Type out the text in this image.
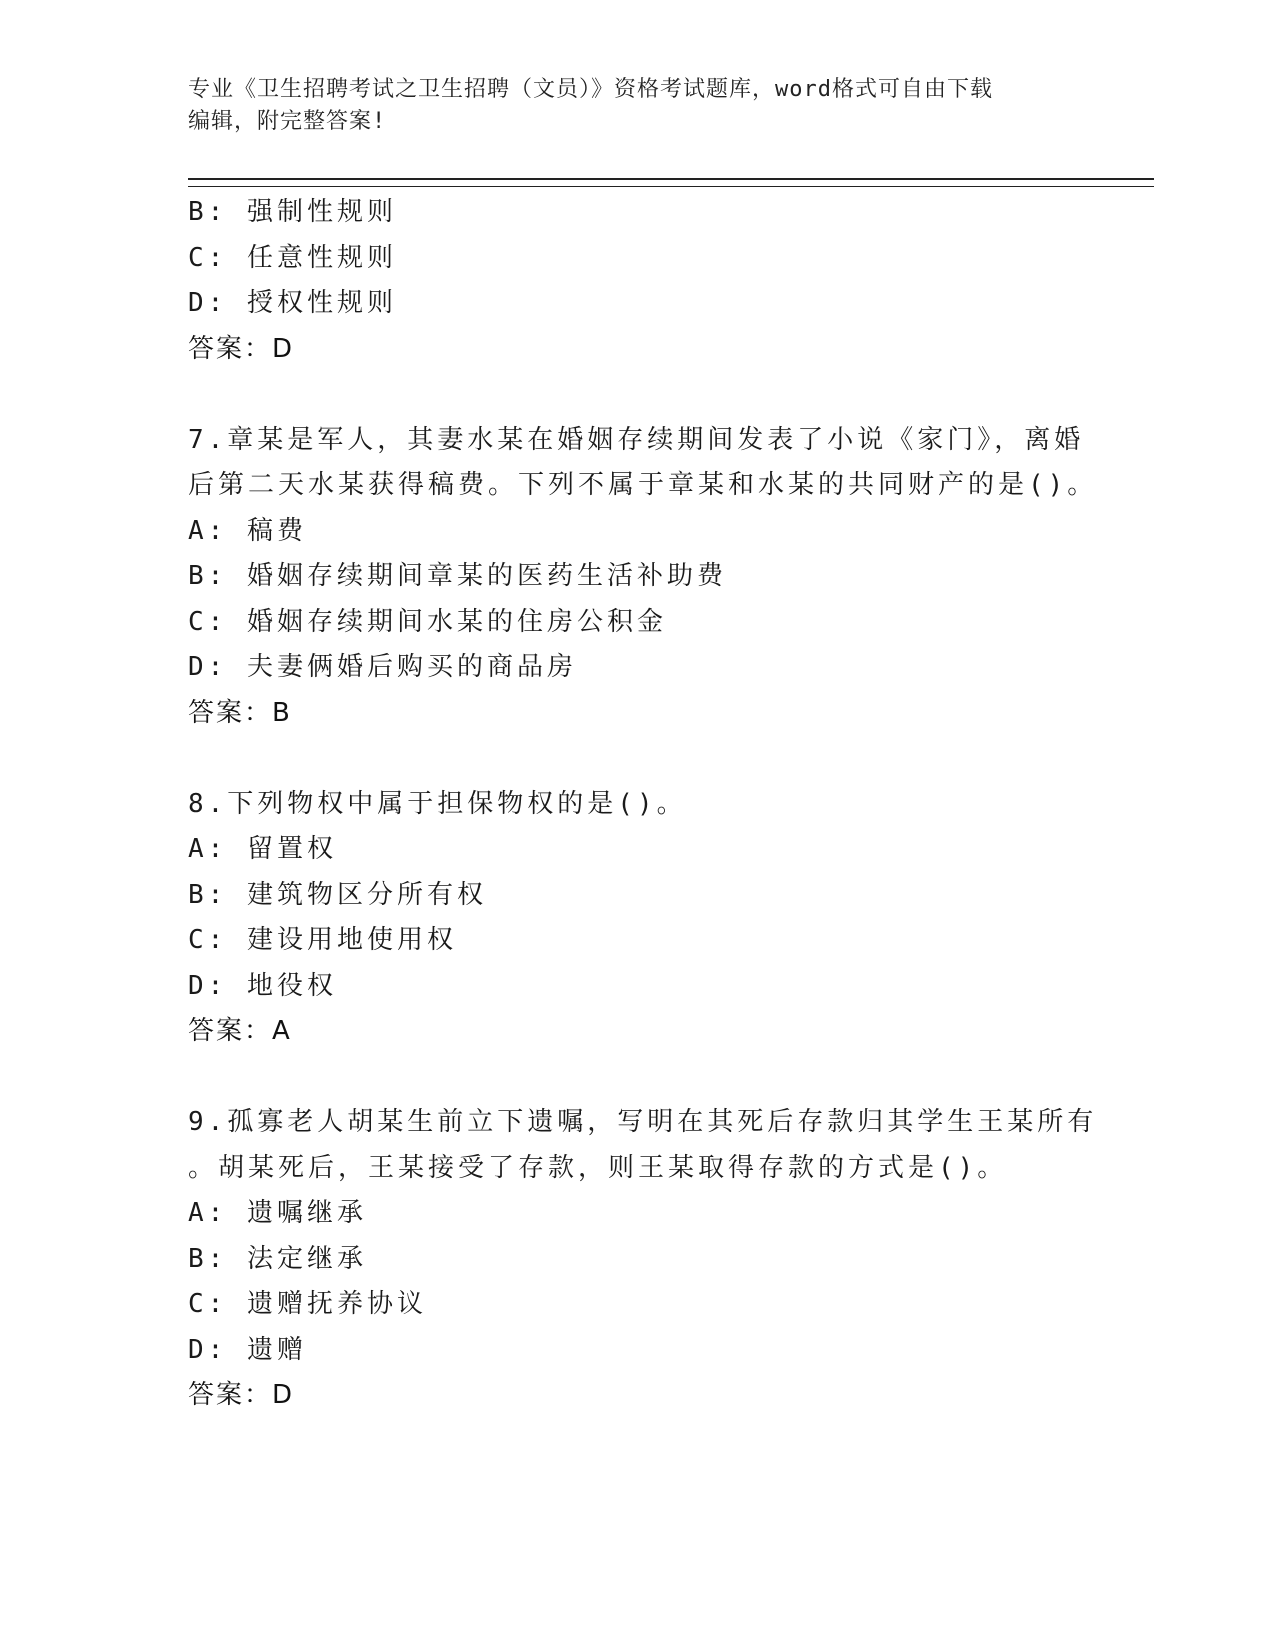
专业《卫生招聘考试之卫生招聘（文员）》资格考试题库，word格式可自由下载
编辑，附完整答案!
B: 强制性规则
C: 任意性规则
D: 授权性规则
答案：D
7.章某是军人，其妻水某在婚姻存续期间发表了小说《家门》，离婚
后第二天水某获得稿费。下列不属于章某和水某的共同财产的是()。
A: 稿费
B: 婚姻存续期间章某的医药生活补助费
C: 婚姻存续期间水某的住房公积金
D: 夫妻俩婚后购买的商品房
答案：B
8.下列物权中属于担保物权的是()。
A: 留置权
B: 建筑物区分所有权
C: 建设用地使用权
D: 地役权
答案：A
9.孤寡老人胡某生前立下遗嘱，写明在其死后存款归其学生王某所有
。胡某死后，王某接受了存款，则王某取得存款的方式是()。
A: 遗嘱继承
B: 法定继承
C: 遗赠抚养协议
D: 遗赠
答案：D
